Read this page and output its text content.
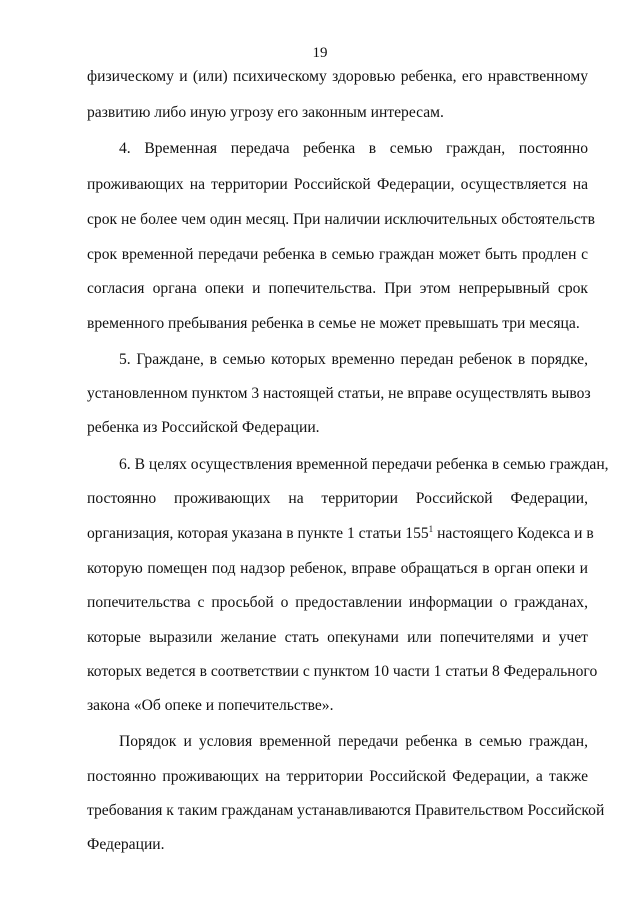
19
физическому и (или) психическому здоровью ребенка, его нравственному
развитию либо иную угрозу его законным интересам.
4. Временная передача ребенка в семью граждан, постоянно
проживающих на территории Российской Федерации, осуществляется на
срок не более чем один месяц. При наличии исключительных обстоятельств
срок временной передачи ребенка в семью граждан может быть продлен с
согласия органа опеки и попечительства. При этом непрерывный срок
временного пребывания ребенка в семье не может превышать три месяца.
5. Граждане, в семью которых временно передан ребенок в порядке,
установленном пунктом 3 настоящей статьи, не вправе осуществлять вывоз
ребенка из Российской Федерации.
6. В целях осуществления временной передачи ребенка в семью граждан,
постоянно проживающих на территории Российской Федерации,
организация, которая указана в пункте 1 статьи $155^1$ настоящего Кодекса и в
которую помещен под надзор ребенок, вправе обращаться в орган опеки и
попечительства с просьбой о предоставлении информации о гражданах,
которые выразили желание стать опекунами или попечителями и учет
которых ведется в соответствии с пунктом 10 части 1 статьи 8 Федерального
закона «Об опеке и попечительстве».
Порядок и условия временной передачи ребенка в семью граждан,
постоянно проживающих на территории Российской Федерации, а также
требования к таким гражданам устанавливаются Правительством Российской
Федерации.
